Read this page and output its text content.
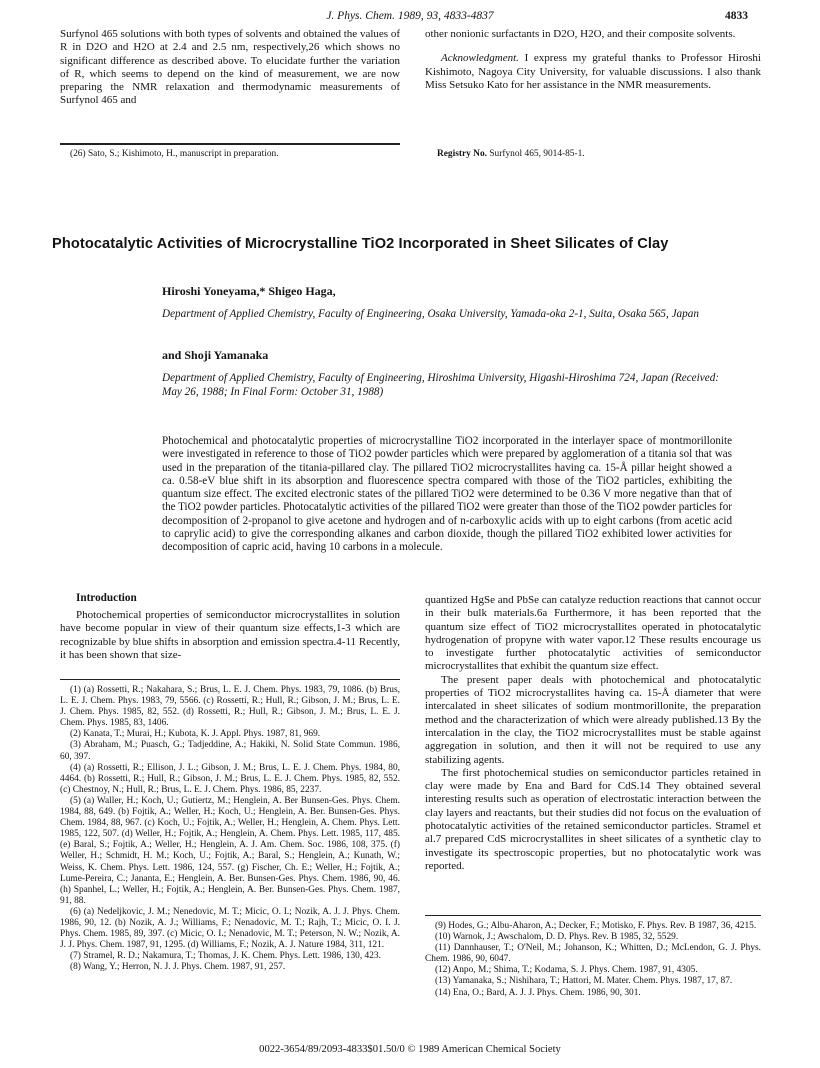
J. Phys. Chem. 1989, 93, 4833-4837	4833

Surfynol 465 solutions with both types of solvents and obtained the values of R in D2O and H2O at 2.4 and 2.5 nm, respectively,26 which shows no significant difference as described above. To elucidate further the variation of R, which seems to depend on the kind of measurement, we are now preparing the NMR relaxation and thermodynamic measurements of Surfynol 465 and

(26) Sato, S.; Kishimoto, H., manuscript in preparation.

other nonionic surfactants in D2O, H2O, and their composite solvents.

Acknowledgment. I express my grateful thanks to Professor Hiroshi Kishimoto, Nagoya City University, for valuable discussions. I also thank Miss Setsuko Kato for her assistance in the NMR measurements.

Registry No. Surfynol 465, 9014-85-1.
Photocatalytic Activities of Microcrystalline TiO2 Incorporated in Sheet Silicates of Clay
Hiroshi Yoneyama,* Shigeo Haga,
Department of Applied Chemistry, Faculty of Engineering, Osaka University, Yamada-oka 2-1, Suita, Osaka 565, Japan
and Shoji Yamanaka
Department of Applied Chemistry, Faculty of Engineering, Hiroshima University, Higashi-Hiroshima 724, Japan (Received: May 26, 1988; In Final Form: October 31, 1988)
Photochemical and photocatalytic properties of microcrystalline TiO2 incorporated in the interlayer space of montmorillonite were investigated in reference to those of TiO2 powder particles which were prepared by agglomeration of a titania sol that was used in the preparation of the titania-pillared clay. The pillared TiO2 microcrystallites having ca. 15-Å pillar height showed a ca. 0.58-eV blue shift in its absorption and fluorescence spectra compared with those of the TiO2 particles, exhibiting the quantum size effect. The excited electronic states of the pillared TiO2 were determined to be 0.36 V more negative than that of the TiO2 powder particles. Photocatalytic activities of the pillared TiO2 were greater than those of the TiO2 powder particles for decomposition of 2-propanol to give acetone and hydrogen and of n-carboxylic acids with up to eight carbons (from acetic acid to caprylic acid) to give the corresponding alkanes and carbon dioxide, though the pillared TiO2 exhibited lower activities for decomposition of capric acid, having 10 carbons in a molecule.
Introduction

Photochemical properties of semiconductor microcrystallites in solution have become popular in view of their quantum size effects,1-3 which are recognizable by blue shifts in absorption and emission spectra.4-11 Recently, it has been shown that size-

(1) (a) Rossetti, R.; Nakahara, S.; Brus, L. E. J. Chem. Phys. 1983, 79, 1086. (b) Brus, L. E. J. Chem. Phys. 1983, 79, 5566. (c) Rossetti, R.; Hull, R.; Gibson, J. M.; Brus, L. E. J. Chem. Phys. 1985, 82, 552. (d) Rossetti, R.; Hull, R.; Gibson, J. M.; Brus, L. E. J. Chem. Phys. 1985, 83, 1406.

(2) Kanata, T.; Murai, H.; Kubota, K. J. Appl. Phys. 1987, 81, 969.

(3) Abraham, M.; Puasch, G.; Tadjeddine, A.; Hakiki, N. Solid State Commun. 1986, 60, 397.

(4) (a) Rossetti, R.; Ellison, J. L.; Gibson, J. M.; Brus, L. E. J. Chem. Phys. 1984, 80, 4464. (b) Rossetti, R.; Hull, R.; Gibson, J. M.; Brus, L. E. J. Chem. Phys. 1985, 82, 552. (c) Chestnoy, N.; Hull, R.; Brus, L. E. J. Chem. Phys. 1986, 85, 2237.

(5) (a) Waller, H.; Koch, U.; Gutiertz, M.; Henglein, A. Ber Bunsen-Ges. Phys. Chem. 1984, 88, 649. (b) Fojtik, A.; Weller, H.; Koch, U.; Henglein, A. Ber. Bunsen-Ges. Phys. Chem. 1984, 88, 967. (c) Koch, U.; Fojtik, A.; Weller, H.; Henglein, A. Chem. Phys. Lett. 1985, 122, 507. (d) Weller, H.; Fojtik, A.; Henglein, A. Chem. Phys. Lett. 1985, 117, 485. (e) Baral, S.; Fojtik, A.; Weller, H.; Henglein, A. J. Am. Chem. Soc. 1986, 108, 375. (f) Weller, H.; Schmidt, H. M.; Koch, U.; Fojtik, A.; Baral, S.; Henglein, A.; Kunath, W.; Weiss, K. Chem. Phys. Lett. 1986, 124, 557. (g) Fischer, Ch. E.; Weller, H.; Fojtik, A.; Lume-Pereira, C.; Jananta, E.; Henglein, A. Ber. Bunsen-Ges. Phys. Chem. 1986, 90, 46. (h) Spanhel, L.; Weller, H.; Fojtik, A.; Henglein, A. Ber. Bunsen-Ges. Phys. Chem. 1987, 91, 88.

(6) (a) Nedeljkovic, J. M.; Nenedovic, M. T.; Micic, O. I.; Nozik, A. J. J. Phys. Chem. 1986, 90, 12. (b) Nozik, A. J.; Williams, F.; Nenadovic, M. T.; Rajh, T.; Micic, O. I. J. Phys. Chem. 1985, 89, 397. (c) Micic, O. I.; Nenadovic, M. T.; Peterson, N. W.; Nozik, A. J. J. Phys. Chem. 1987, 91, 1295. (d) Williams, F.; Nozik, A. J. Nature 1984, 311, 121.

(7) Stramel, R. D.; Nakamura, T.; Thomas, J. K. Chem. Phys. Lett. 1986, 130, 423.

(8) Wang, Y.; Herron, N. J. J. Phys. Chem. 1987, 91, 257.

quantized HgSe and PbSe can catalyze reduction reactions that cannot occur in their bulk materials.6a Furthermore, it has been reported that the quantum size effect of TiO2 microcrystallites operated in photocatalytic hydrogenation of propyne with water vapor.12 These results encourage us to investigate further photocatalytic activities of semiconductor microcrystallites that exhibit the quantum size effect.

The present paper deals with photochemical and photocatalytic properties of TiO2 microcrystallites having ca. 15-Å diameter that were intercalated in sheet silicates of sodium montmorillonite, the preparation method and the characterization of which were already published.13 By the intercalation in the clay, the TiO2 microcrystallites must be stable against aggregation in solution, and then it will not be required to use any stabilizing agents.

The first photochemical studies on semiconductor particles retained in clay were made by Ena and Bard for CdS.14 They obtained several interesting results such as operation of electrostatic interaction between the clay layers and reactants, but their studies did not focus on the evaluation of photocatalytic activities of the retained semiconductor particles. Stramel et al.7 prepared CdS microcrystallites in sheet silicates of a synthetic clay to investigate its spectroscopic properties, but no photocatalytic work was reported.

(9) Hodes, G.; Albu-Aharon, A.; Decker, F.; Motisko, F. Phys. Rev. B 1987, 36, 4215.

(10) Warnok, J.; Awschalom, D. D. Phys. Rev. B 1985, 32, 5529.

(11) Dannhauser, T.; O'Neil, M.; Johanson, K.; Whitten, D.; McLendon, G. J. Phys. Chem. 1986, 90, 6047.

(12) Anpo, M.; Shima, T.; Kodama, S. J. Phys. Chem. 1987, 91, 4305.

(13) Yamanaka, S.; Nishihara, T.; Hattori, M. Mater. Chem. Phys. 1987, 17, 87.

(14) Ena, O.; Bard, A. J. J. Phys. Chem. 1986, 90, 301.

0022-3654/89/2093-4833$01.50/0 © 1989 American Chemical Society
